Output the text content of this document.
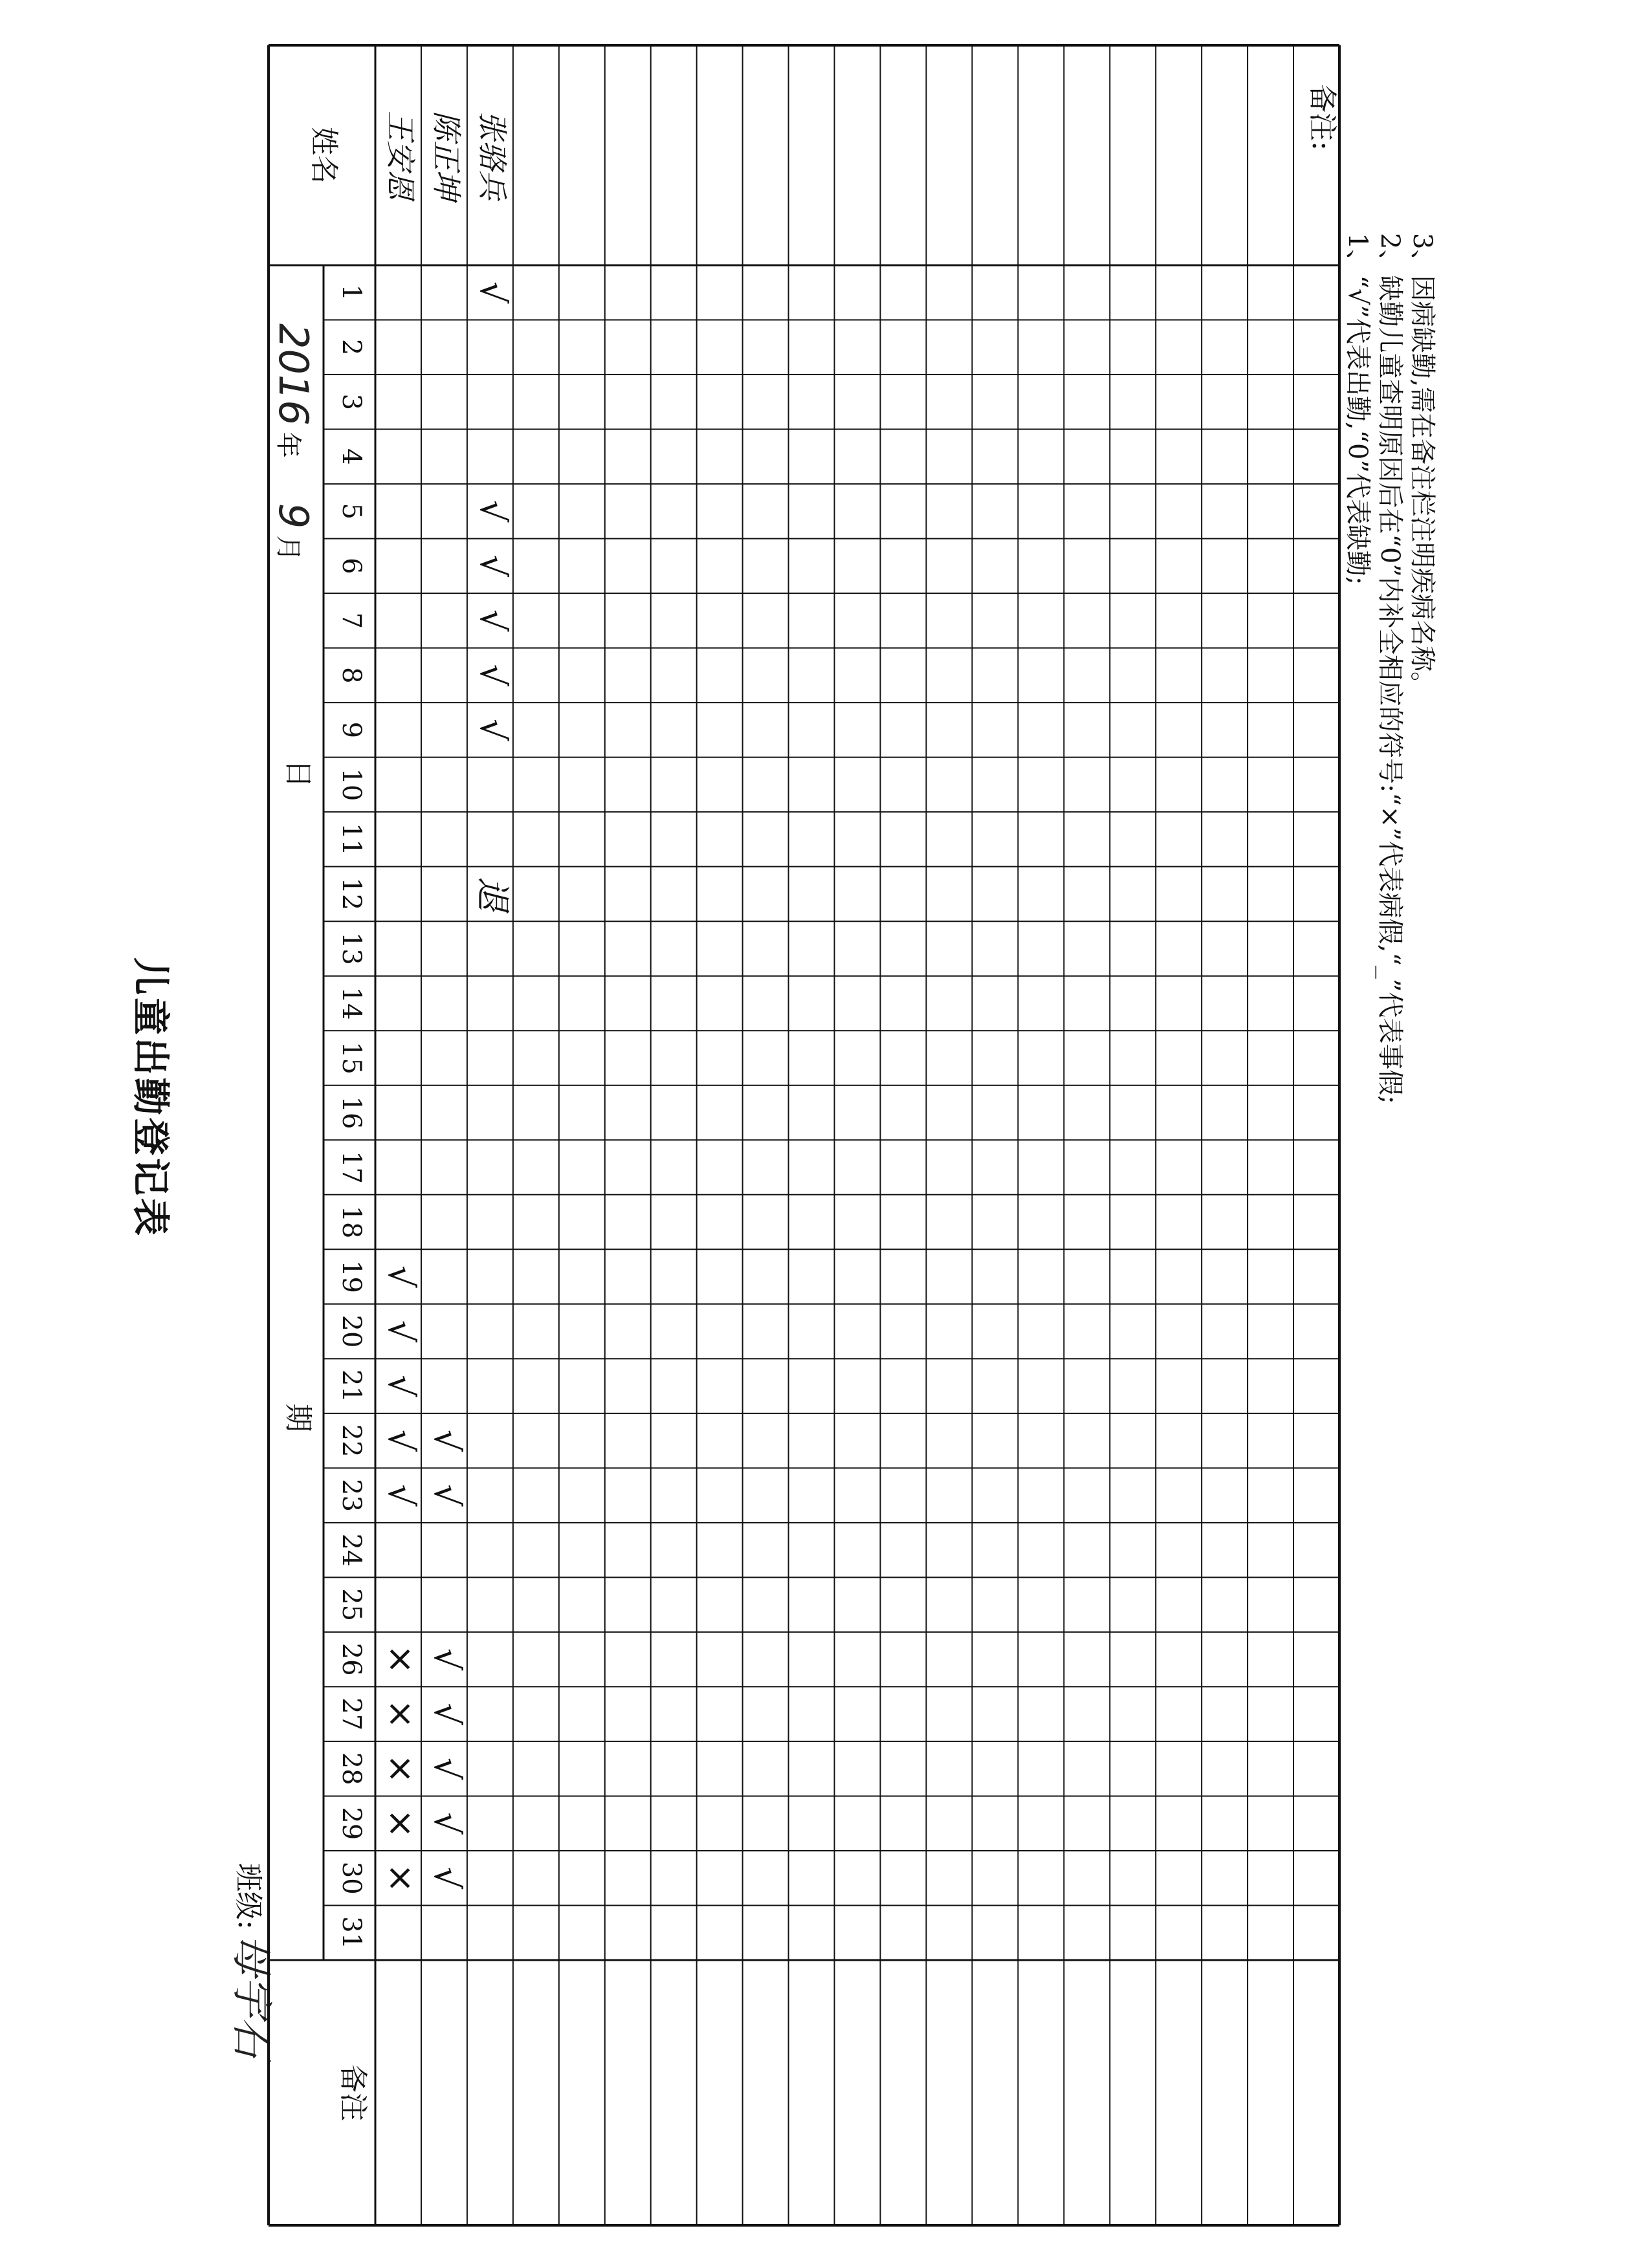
儿童出勤登记表
班级:
母宇石
2016
年
9
月
姓名
日
期
备注
1
2
3
4
5
6
7
8
9
10
11
12
13
14
15
16
17
18
19
20
21
22
23
24
25
26
27
28
29
30
31
王安恩
√
√
√
√
√
×
×
×
×
×
陈正坤
√
√
√
√
√
√
√
张骆兵
√
√
√
√
√
√
退
备注:
1、“√”代表出勤,“0”代表缺勤; 2、缺勤儿童查明原因后在“0”内补全相应的符号:“×”代表病假,“_”代表事假; 3、因病缺勤,需在备注栏注明疾病名称。
